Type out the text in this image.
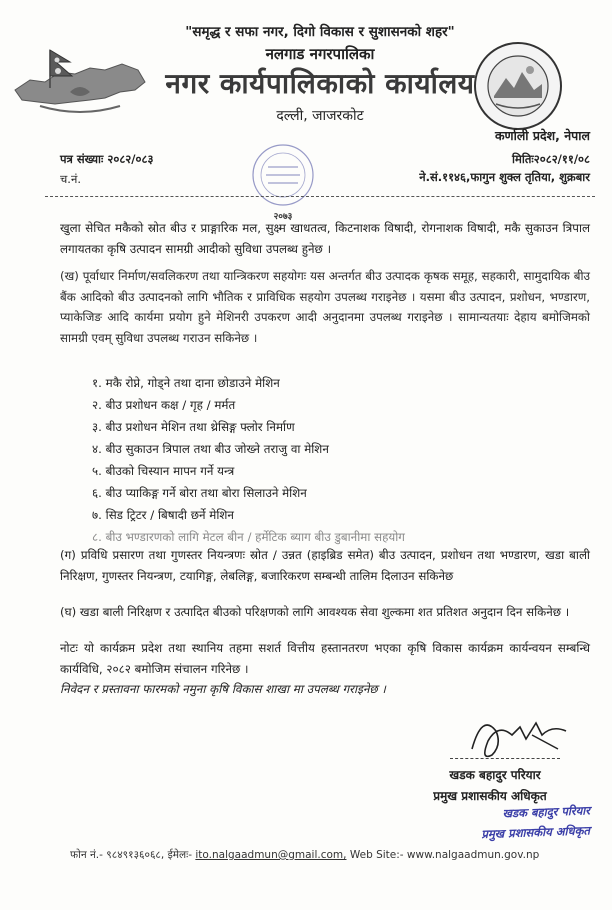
"समृद्ध र सफा नगर, दिगो विकास र सुशासनको शहर"
नलगाड नगरपालिका
नगर कार्यपालिकाको कार्यालय
दल्ली, जाजरकोट
कर्णाली प्रदेश, नेपाल
पत्र संख्याः २०८२/०८३
च.नं.
मितिः२०८२/११/०८
ने.सं.११४६,फागुन शुक्ल तृतिया, शुक्रबार
२०७३
खुला सेचित मकैको स्रोत बीउ र प्राङ्गारिक मल, सुक्ष्म खाधतत्व, किटनाशक विषादी, रोगनाशक विषादी, मकै सुकाउन त्रिपाल लगायतका कृषि उत्पादन सामग्री आदीको सुविधा उपलब्ध हुनेछ ।
(ख) पूर्वाधार निर्माण/सवलिकरण तथा यान्त्रिकरण सहयोगः यस अन्तर्गत बीउ उत्पादक कृषक समूह, सहकारी, सामुदायिक बीउ बैंक आदिको बीउ उत्पादनको लागि भौतिक र प्राविधिक सहयोग उपलब्ध गराइनेछ । यसमा बीउ उत्पादन, प्रशोधन, भण्डारण, प्याकेजिङ आदि कार्यमा प्रयोग हुने मेशिनरी उपकरण आदी अनुदानमा उपलब्ध गराइनेछ । सामान्यतयाः देहाय बमोजिमको सामग्री एवम् सुविधा उपलब्ध गराउन सकिनेछ ।
१. मकै रोप्ने, गोड्ने तथा दाना छोडाउने मेशिन
२. बीउ प्रशोधन कक्ष / गृह / मर्मत
३. बीउ प्रशोधन मेशिन तथा थ्रेसिङ्ग फ्लोर निर्माण
४. बीउ सुकाउन त्रिपाल तथा बीउ जोख्ने तराजु वा मेशिन
५. बीउको चिस्यान मापन गर्ने यन्त्र
६. बीउ प्याकिङ्ग गर्ने बोरा तथा बोरा सिलाउने मेशिन
७. सिड ट्रिटर / बिषादी छर्ने मेशिन
८. बीउ भण्डारणको लागि मेटल बीन / हर्मेटिक ब्याग बीउ डुबानीमा सहयोग
(ग) प्रविधि प्रसारण तथा गुणस्तर नियन्त्रणः स्रोत / उन्नत (हाइब्रिड समेत) बीउ उत्पादन, प्रशोधन तथा भण्डारण, खडा बाली निरिक्षण, गुणस्तर नियन्त्रण, टयागिङ्ग, लेबलिङ्ग, बजारिकरण सम्बन्धी तालिम दिलाउन सकिनेछ
(घ) खडा बाली निरिक्षण र उत्पादित बीउको परिक्षणको लागि आवश्यक सेवा शुल्कमा शत प्रतिशत अनुदान दिन सकिनेछ ।
नोटः यो कार्यक्रम प्रदेश तथा स्थानिय तहमा सशर्त वित्तीय हस्तानतरण भएका कृषि विकास कार्यक्रम कार्यन्वयन सम्बन्धि कार्यविधि, २०८२ बमोजिम संचालन गरिनेछ ।
निवेदन र प्रस्तावना फारमको नमुना कृषि विकास शाखा मा उपलब्ध गराइनेछ ।
खडक बहादुर परियार
प्रमुख प्रशासकीय अधिकृत
खडक बहादुर परियार
प्रमुख प्रशासकीय अधिकृत
फोन नं.- ९८४९१३६०६८, ईमेलः- ito.nalgaadmun@gmail.com, Web Site:- www.nalgaadmun.gov.np
